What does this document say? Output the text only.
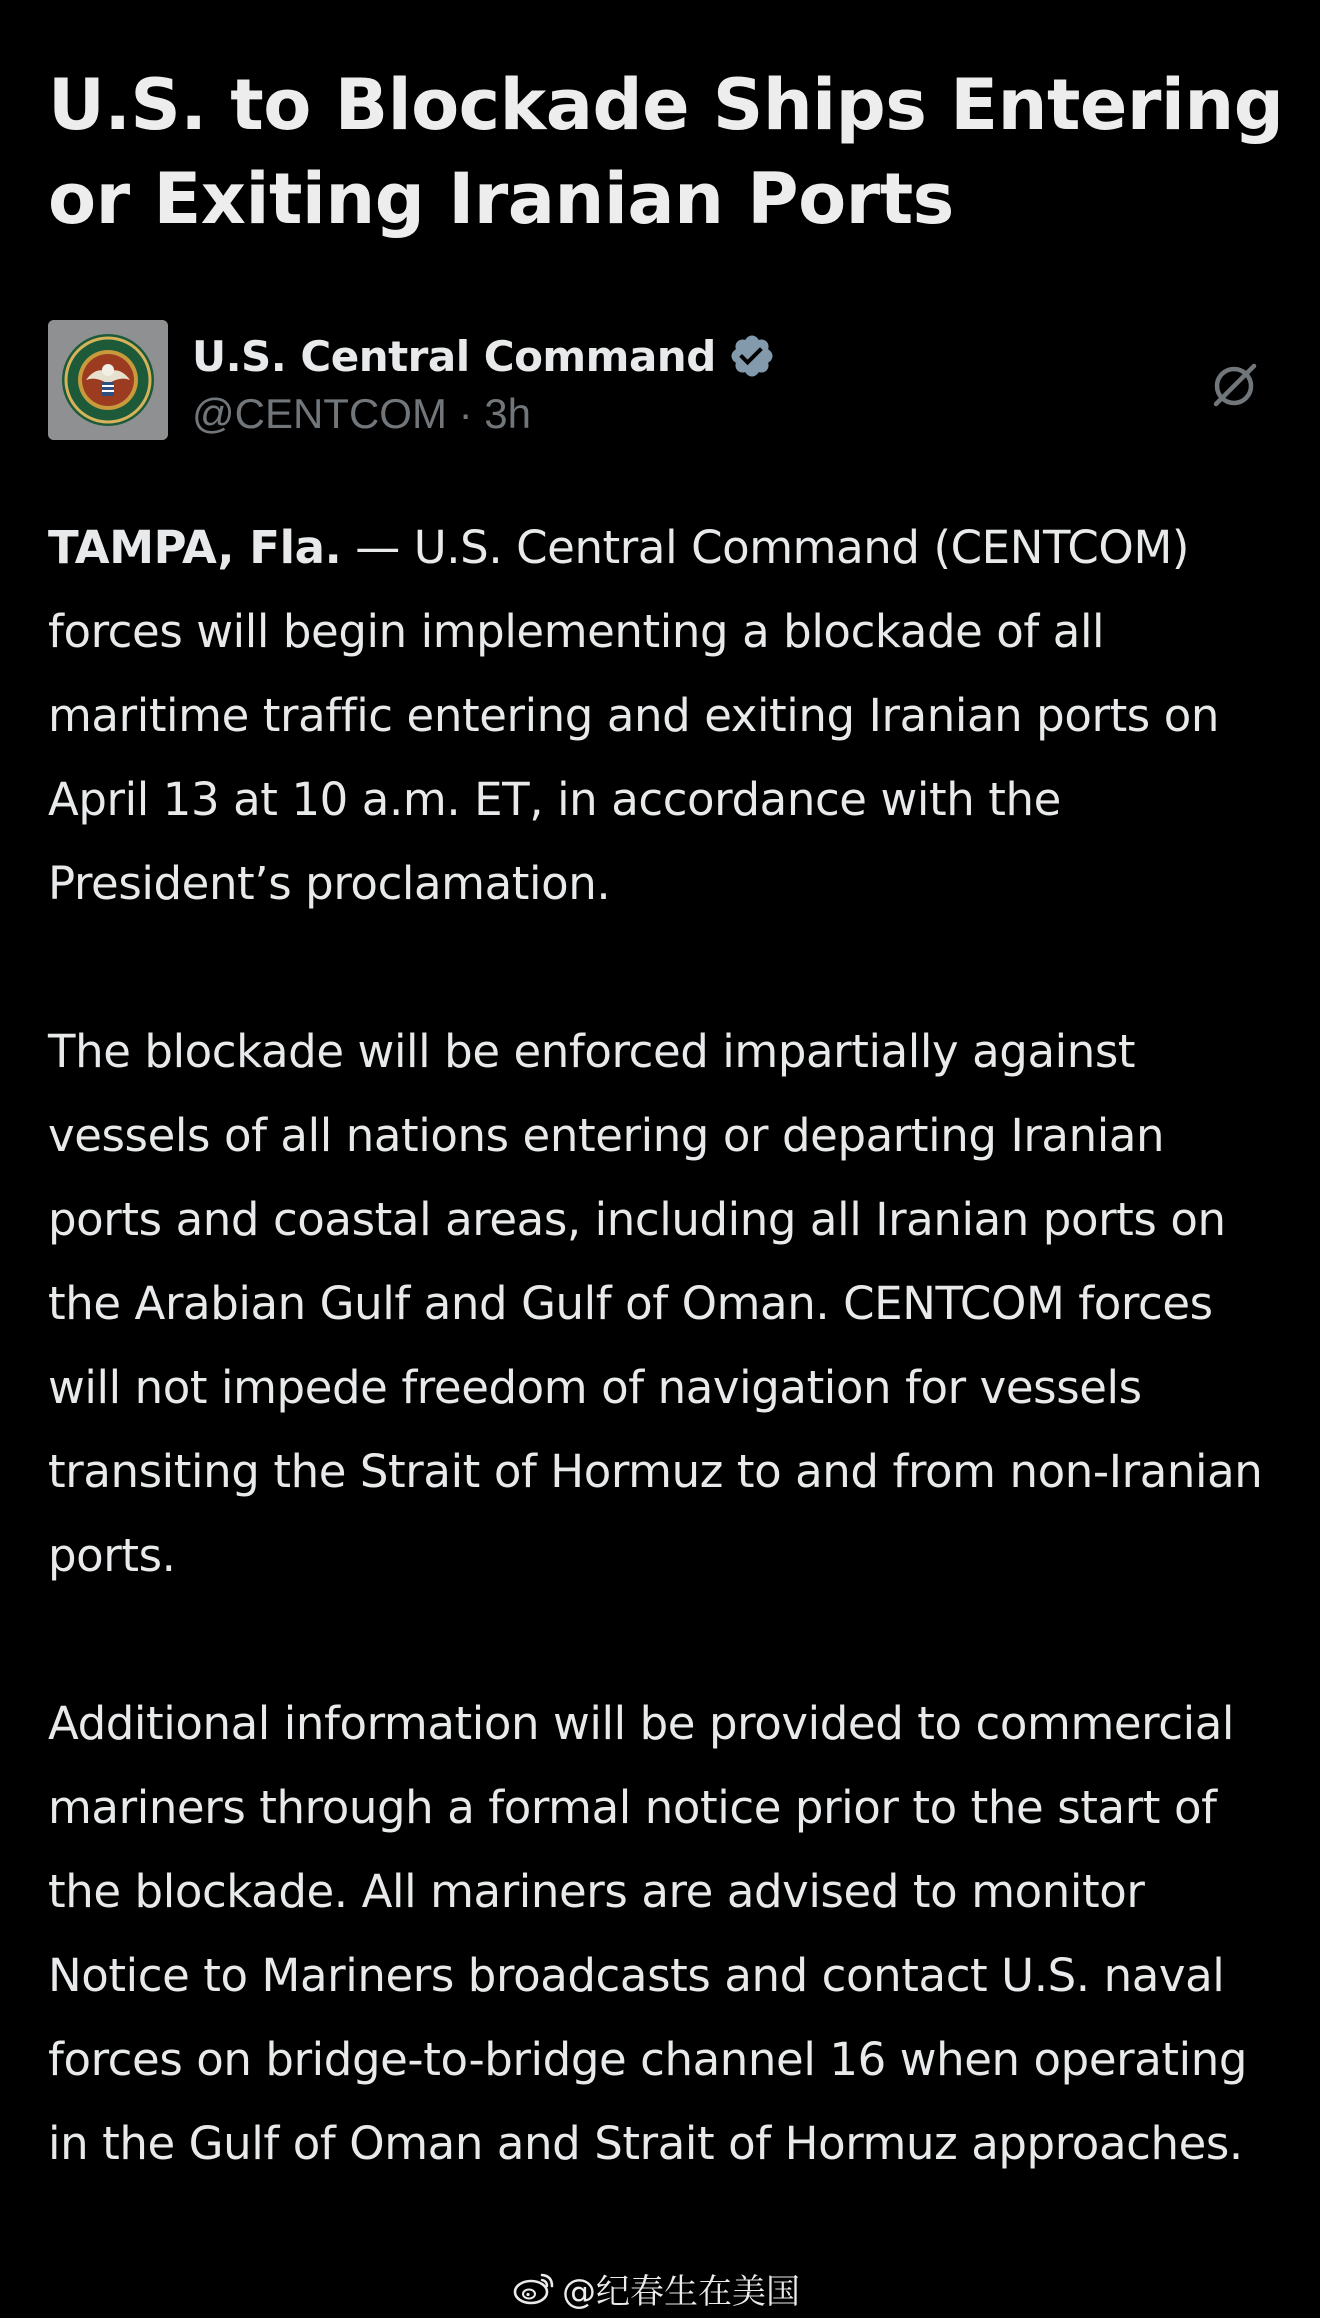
U.S. to Blockade Ships Entering or Exiting Iranian Ports
U.S. Central Command
@CENTCOM · 3h

TAMPA, Fla. — U.S. Central Command (CENTCOM) forces will begin implementing a blockade of all maritime traffic entering and exiting Iranian ports on April 13 at 10 a.m. ET, in accordance with the President’s proclamation.

The blockade will be enforced impartially against vessels of all nations entering or departing Iranian ports and coastal areas, including all Iranian ports on the Arabian Gulf and Gulf of Oman. CENTCOM forces will not impede freedom of navigation for vessels transiting the Strait of Hormuz to and from non-Iranian ports.

Additional information will be provided to commercial mariners through a formal notice prior to the start of the blockade. All mariners are advised to monitor Notice to Mariners broadcasts and contact U.S. naval forces on bridge-to-bridge channel 16 when operating in the Gulf of Oman and Strait of Hormuz approaches.

@纪春生在美国
